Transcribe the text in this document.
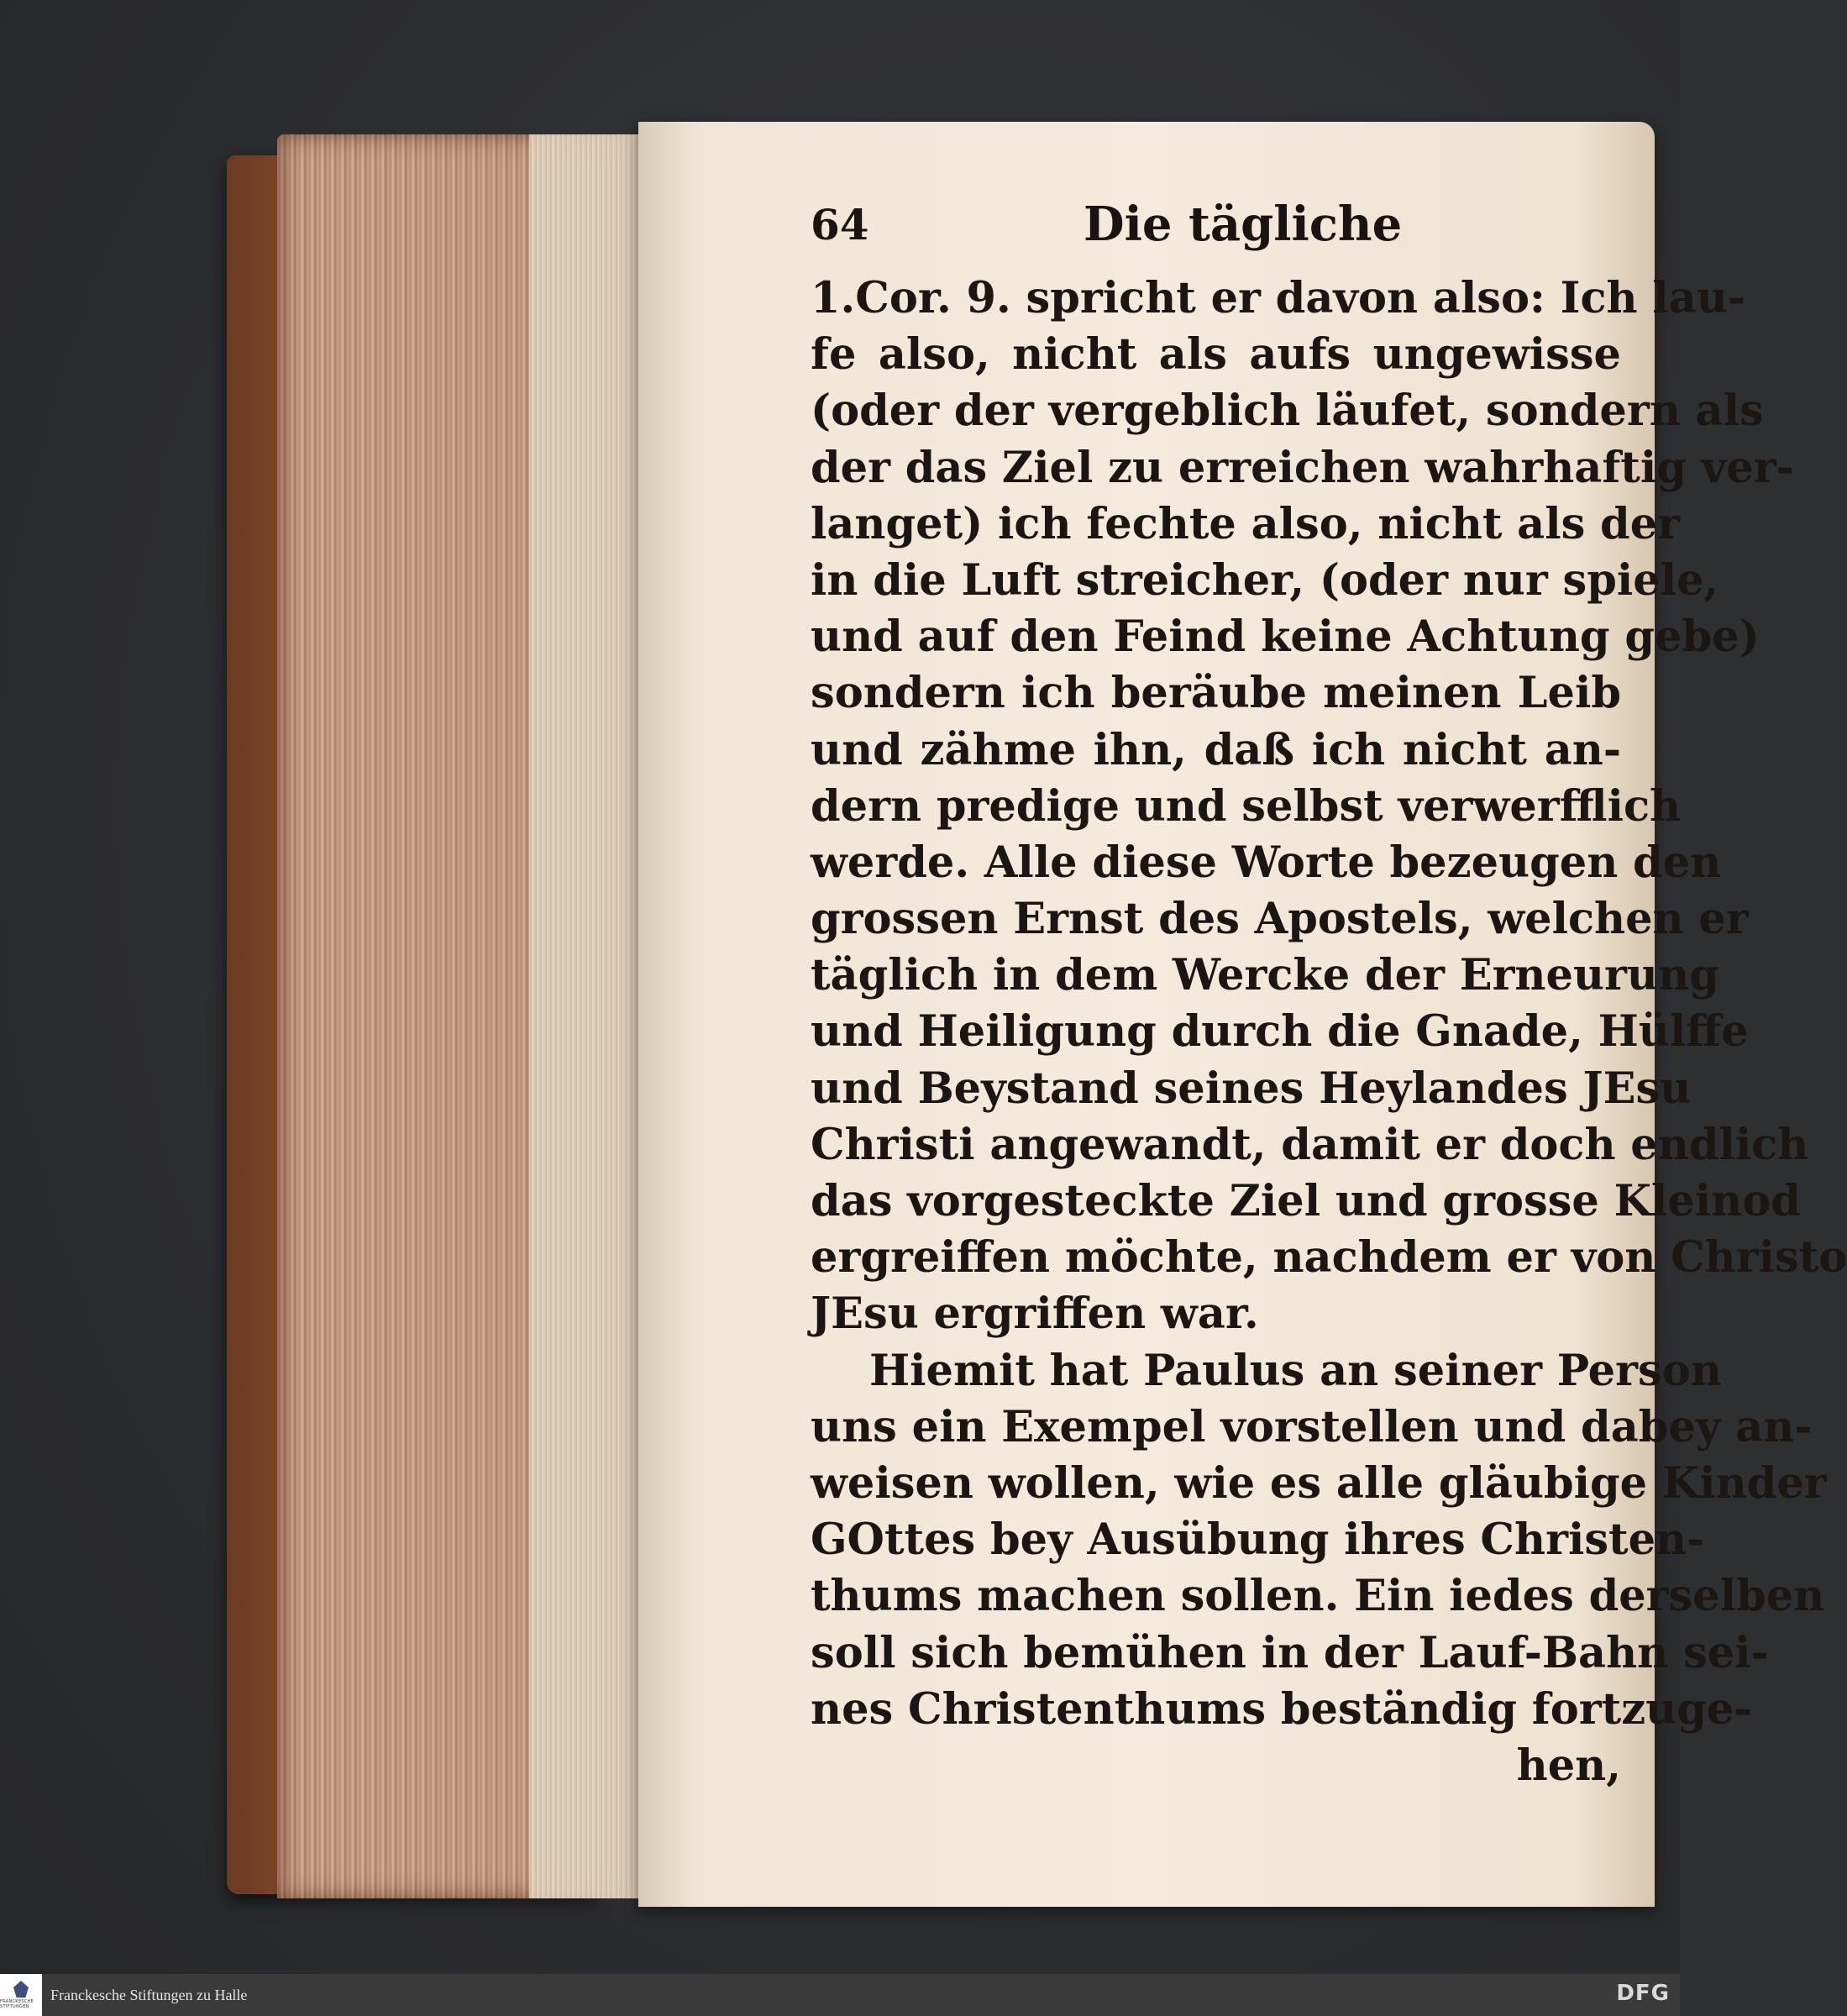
64	Die tägliche
1.Cor. 9. spricht er davon also: Ich lau-
fe also, nicht als aufs ungewisse
(oder der vergeblich läufet, sondern als
der das Ziel zu erreichen wahrhaftig ver-
langet) ich fechte also, nicht als der
in die Luft streicher, (oder nur spiele,
und auf den Feind keine Achtung gebe)
sondern ich beräube meinen Leib
und zähme ihn, daß ich nicht an-
dern predige und selbst verwerfflich
werde. Alle diese Worte bezeugen den
grossen Ernst des Apostels, welchen er
täglich in dem Wercke der Erneurung
und Heiligung durch die Gnade, Hülffe
und Beystand seines Heylandes JEsu
Christi angewandt, damit er doch endlich
das vorgesteckte Ziel und grosse Kleinod
ergreiffen möchte, nachdem er von Christo
JEsu ergriffen war.
Hiemit hat Paulus an seiner Person
uns ein Exempel vorstellen und dabey an-
weisen wollen, wie es alle gläubige Kinder
GOttes bey Ausübung ihres Christen-
thums machen sollen. Ein iedes derselben
soll sich bemühen in der Lauf-Bahn sei-
nes Christenthums beständig fortzuge-
hen,
FRANCKESCHE STIFTUNGEN
Franckesche Stiftungen zu Halle	DFG
